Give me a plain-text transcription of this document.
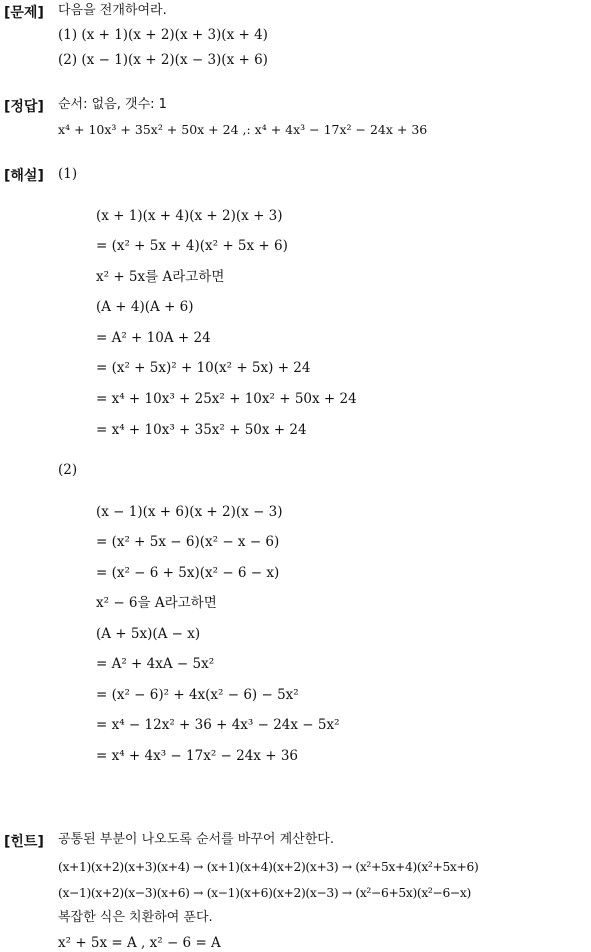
[문제] 다음을 전개하여라.
(1) (x + 1)(x + 2)(x + 3)(x + 4)
(2) (x − 1)(x + 2)(x − 3)(x + 6)
[정답] 순서: 없음, 갯수: 1
x⁴ + 10x³ + 35x² + 50x + 24 ,: x⁴ + 4x³ − 17x² − 24x + 36
[해설] (1)
(x + 1)(x + 4)(x + 2)(x + 3)
= (x² + 5x + 4)(x² + 5x + 6)
x² + 5x를 A라고하면
(A + 4)(A + 6)
= A² + 10A + 24
= (x² + 5x)² + 10(x² + 5x) + 24
= x⁴ + 10x³ + 25x² + 10x² + 50x + 24
= x⁴ + 10x³ + 35x² + 50x + 24
(2)
(x − 1)(x + 6)(x + 2)(x − 3)
= (x² + 5x − 6)(x² − x − 6)
= (x² − 6 + 5x)(x² − 6 − x)
x² − 6을 A라고하면
(A + 5x)(A − x)
= A² + 4xA − 5x²
= (x² − 6)² + 4x(x² − 6) − 5x²
= x⁴ − 12x² + 36 + 4x³ − 24x − 5x²
= x⁴ + 4x³ − 17x² − 24x + 36
[힌트] 공통된 부분이 나오도록 순서를 바꾸어 계산한다.
(x+1)(x+2)(x+3)(x+4) → (x+1)(x+4)(x+2)(x+3) → (x²+5x+4)(x²+5x+6)
(x−1)(x+2)(x−3)(x+6) → (x−1)(x+6)(x+2)(x−3) → (x²−6+5x)(x²−6−x)
복잡한 식은 치환하여 푼다.
x² + 5x = A , x² − 6 = A
